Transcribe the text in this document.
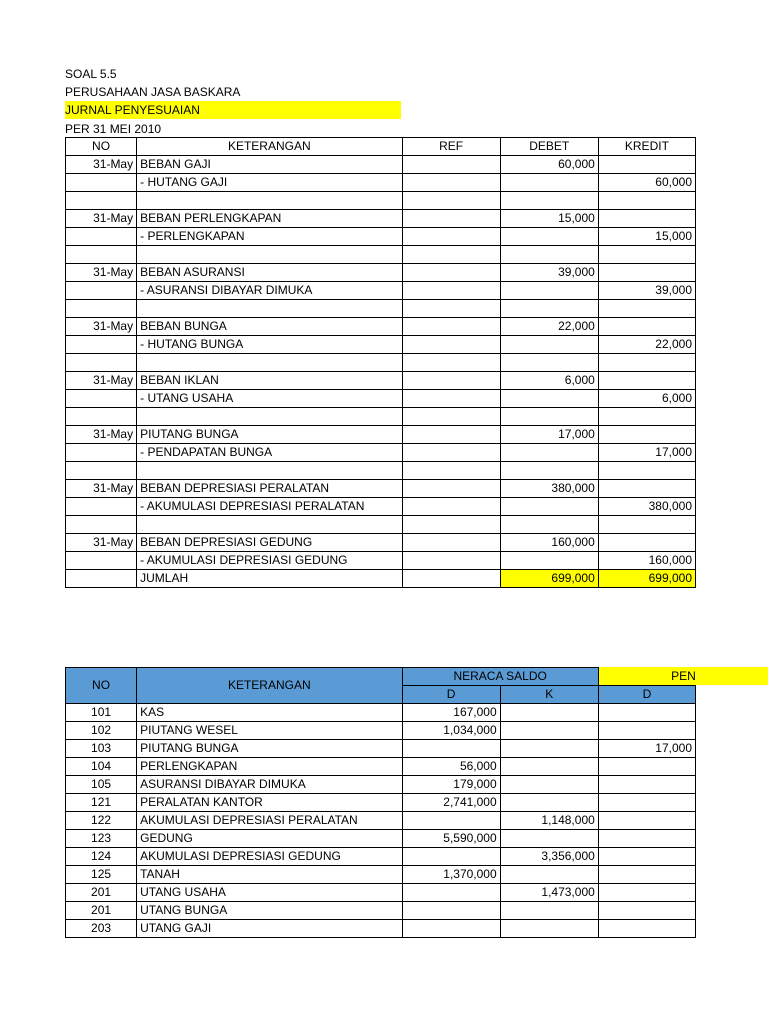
SOAL 5.5
PERUSAHAAN JASA BASKARA
JURNAL PENYESUAIAN
PER 31 MEI 2010
NO	KETERANGAN	REF	DEBET	KREDIT
31-May	BEBAN GAJI		60,000	
	- HUTANG GAJI			60,000

31-May	BEBAN PERLENGKAPAN		15,000	
	- PERLENGKAPAN			15,000

31-May	BEBAN ASURANSI		39,000	
	- ASURANSI DIBAYAR DIMUKA			39,000

31-May	BEBAN BUNGA		22,000	
	- HUTANG BUNGA			22,000

31-May	BEBAN IKLAN		6,000	
	- UTANG USAHA			6,000

31-May	PIUTANG BUNGA		17,000	
	- PENDAPATAN BUNGA			17,000

31-May	BEBAN DEPRESIASI PERALATAN		380,000	
	- AKUMULASI DEPRESIASI PERALATAN			380,000

31-May	BEBAN DEPRESIASI GEDUNG		160,000	
	- AKUMULASI DEPRESIASI GEDUNG			160,000
	JUMLAH		699,000	699,000
NO	KETERANGAN	NERACA SALDO		
		D	K	D
101	KAS	167,000		
102	PIUTANG WESEL	1,034,000		
103	PIUTANG BUNGA			17,000
104	PERLENGKAPAN	56,000		
105	ASURANSI DIBAYAR DIMUKA	179,000		
121	PERALATAN KANTOR	2,741,000		
122	AKUMULASI DEPRESIASI PERALATAN		1,148,000	
123	GEDUNG	5,590,000		
124	AKUMULASI DEPRESIASI GEDUNG		3,356,000	
125	TANAH	1,370,000		
201	UTANG USAHA		1,473,000	
201	UTANG BUNGA			
203	UTANG GAJI			
PEN
